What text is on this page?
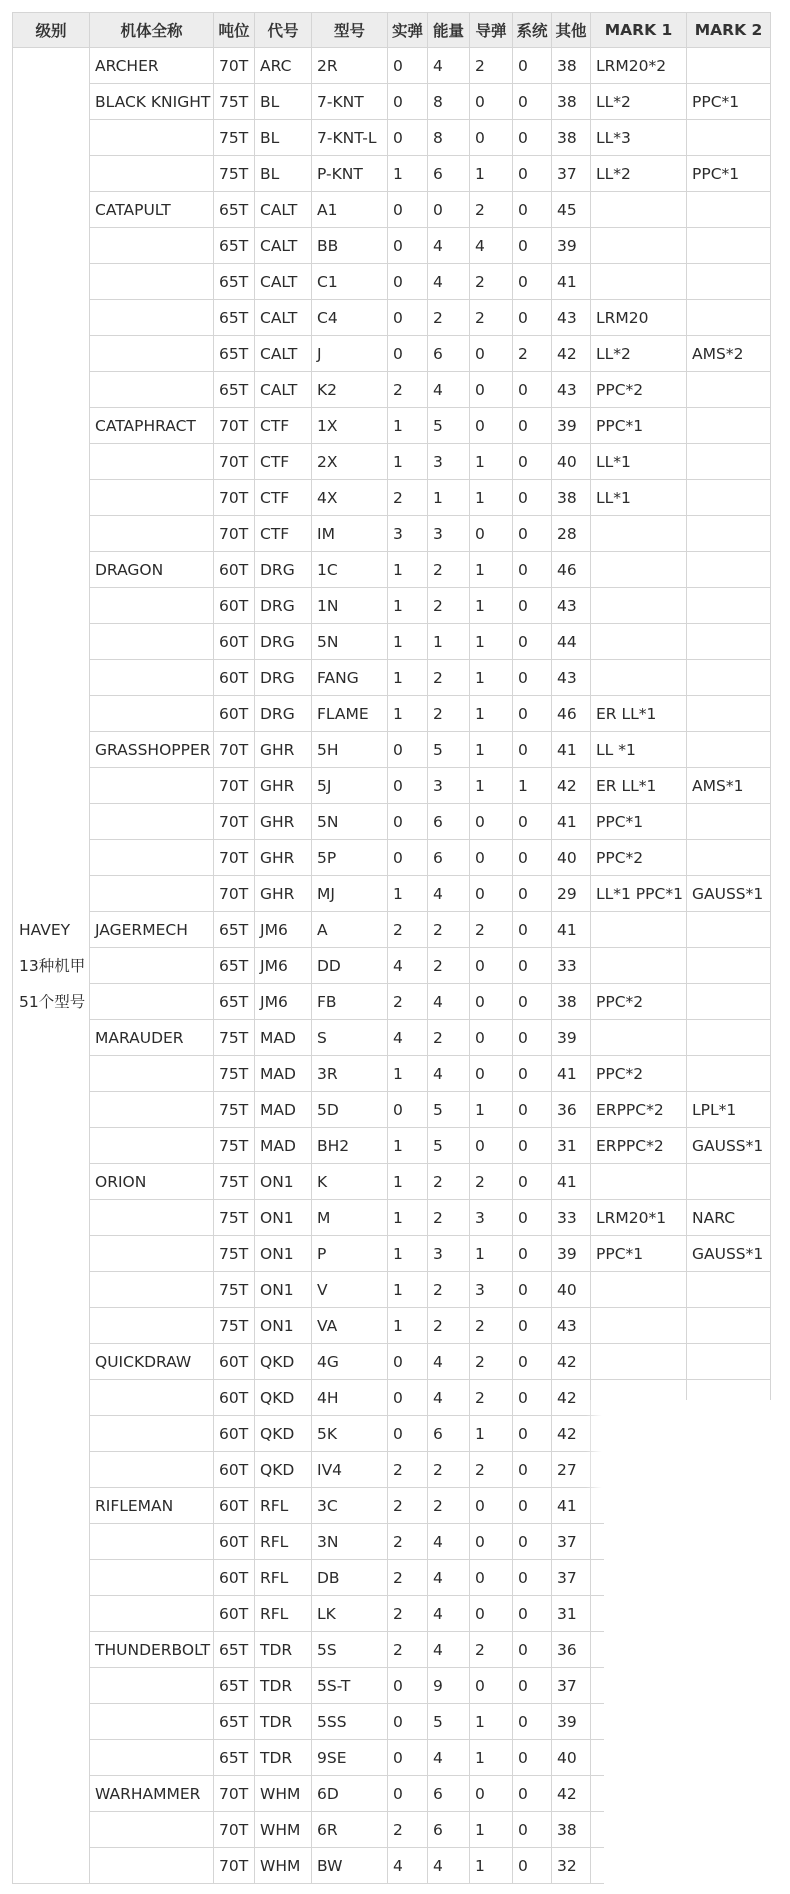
级别	机体全称	吨位	代号	型号	实弹	能量	导弹	系统	其他	MARK 1	MARK 2

HAVEY
13种机甲
51个型号	ARCHER	70T	ARC	2R	0	4	2	0	38	LRM20*2	
	BLACK KNIGHT	75T	BL	7-KNT	0	8	0	0	38	LL*2	PPC*1
		75T	BL	7-KNT-L	0	8	0	0	38	LL*3	
		75T	BL	P-KNT	1	6	1	0	37	LL*2	PPC*1
	CATAPULT	65T	CALT	A1	0	0	2	0	45		
		65T	CALT	BB	0	4	4	0	39		
		65T	CALT	C1	0	4	2	0	41		
		65T	CALT	C4	0	2	2	0	43	LRM20	
		65T	CALT	J	0	6	0	2	42	LL*2	AMS*2
		65T	CALT	K2	2	4	0	0	43	PPC*2	
	CATAPHRACT	70T	CTF	1X	1	5	0	0	39	PPC*1	
		70T	CTF	2X	1	3	1	0	40	LL*1	
		70T	CTF	4X	2	1	1	0	38	LL*1	
		70T	CTF	IM	3	3	0	0	28		
	DRAGON	60T	DRG	1C	1	2	1	0	46		
		60T	DRG	1N	1	2	1	0	43		
		60T	DRG	5N	1	1	1	0	44		
		60T	DRG	FANG	1	2	1	0	43		
		60T	DRG	FLAME	1	2	1	0	46	ER LL*1	
	GRASSHOPPER	70T	GHR	5H	0	5	1	0	41	LL *1	
		70T	GHR	5J	0	3	1	1	42	ER LL*1	AMS*1
		70T	GHR	5N	0	6	0	0	41	PPC*1	
		70T	GHR	5P	0	6	0	0	40	PPC*2	
		70T	GHR	MJ	1	4	0	0	29	LL*1 PPC*1	GAUSS*1
	JAGERMECH	65T	JM6	A	2	2	2	0	41		
		65T	JM6	DD	4	2	0	0	33		
		65T	JM6	FB	2	4	0	0	38	PPC*2	
	MARAUDER	75T	MAD	S	4	2	0	0	39		
		75T	MAD	3R	1	4	0	0	41	PPC*2	
		75T	MAD	5D	0	5	1	0	36	ERPPC*2	LPL*1
		75T	MAD	BH2	1	5	0	0	31	ERPPC*2	GAUSS*1
	ORION	75T	ON1	K	1	2	2	0	41		
		75T	ON1	M	1	2	3	0	33	LRM20*1	NARC
		75T	ON1	P	1	3	1	0	39	PPC*1	GAUSS*1
		75T	ON1	V	1	2	3	0	40		
		75T	ON1	VA	1	2	2	0	43		
	QUICKDRAW	60T	QKD	4G	0	4	2	0	42		
		60T	QKD	4H	0	4	2	0	42		
		60T	QKD	5K	0	6	1	0	42		
		60T	QKD	IV4	2	2	2	0	27		
	RIFLEMAN	60T	RFL	3C	2	2	0	0	41		
		60T	RFL	3N	2	4	0	0	37		
		60T	RFL	DB	2	4	0	0	37		
		60T	RFL	LK	2	4	0	0	31		
	THUNDERBOLT	65T	TDR	5S	2	4	2	0	36		
		65T	TDR	5S-T	0	9	0	0	37		
		65T	TDR	5SS	0	5	1	0	39		
		65T	TDR	9SE	0	4	1	0	40		
	WARHAMMER	70T	WHM	6D	0	6	0	0	42		
		70T	WHM	6R	2	6	1	0	38		
		70T	WHM	BW	4	4	1	0	32		
